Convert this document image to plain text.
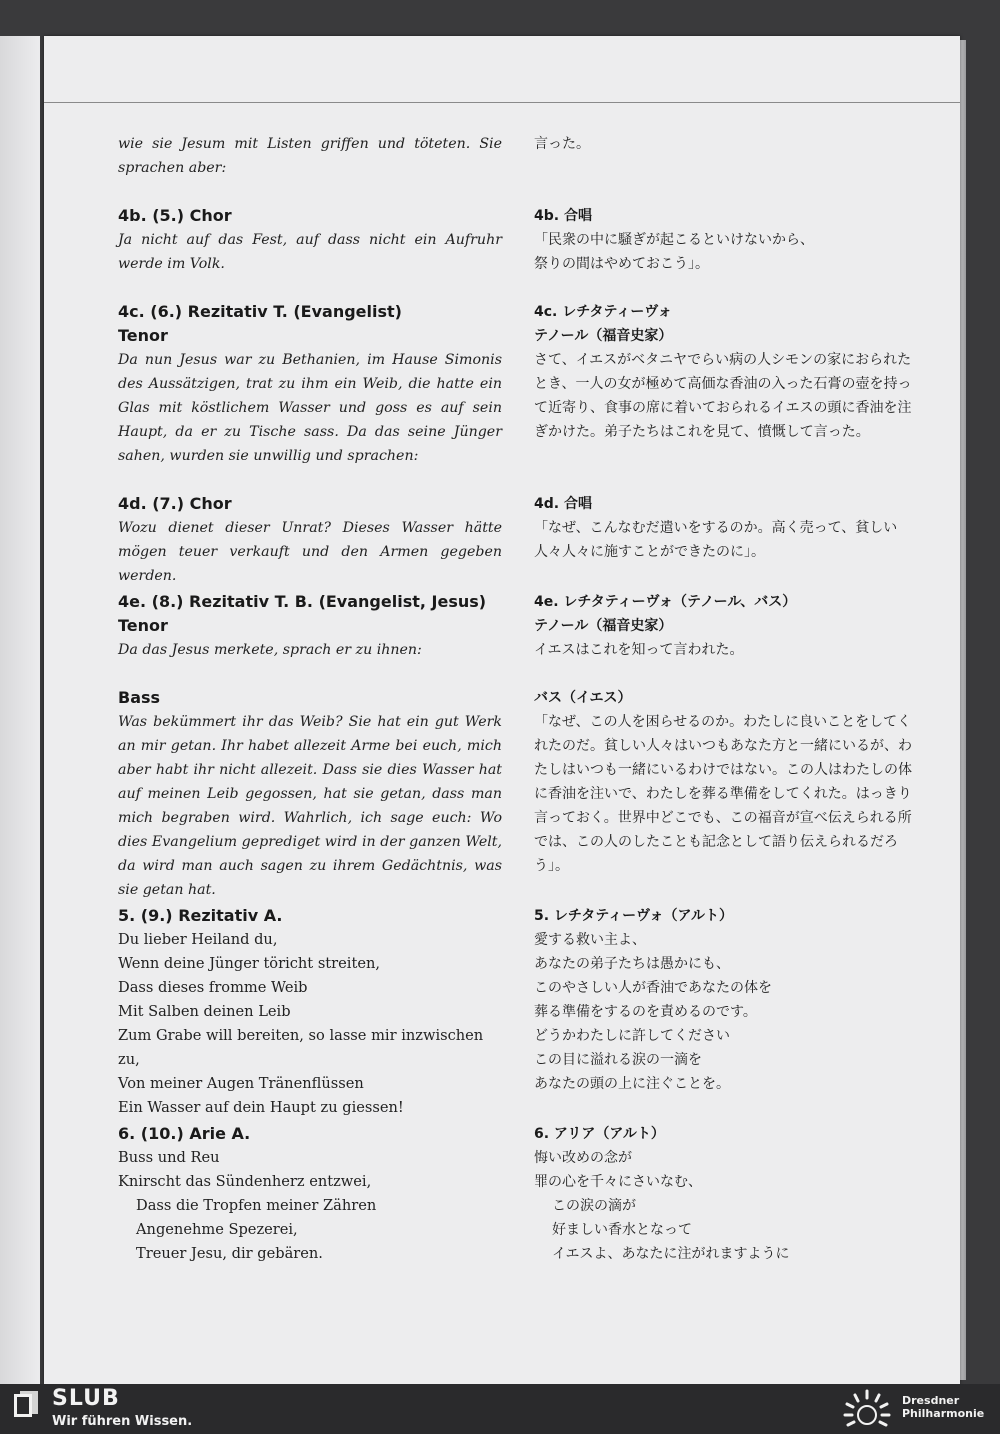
wie sie Jesum mit Listen griffen und töteten. Sie sprachen aber:
4b. (5.) Chor
Ja nicht auf das Fest, auf dass nicht ein Aufruhr werde im Volk.
4c. (6.) Rezitativ T. (Evangelist)
Tenor
Da nun Jesus war zu Bethanien, im Hause Simonis des Aussätzigen, trat zu ihm ein Weib, die hatte ein Glas mit köstlichem Wasser und goss es auf sein Haupt, da er zu Tische sass. Da das seine Jünger sahen, wurden sie unwillig und sprachen:
4d. (7.) Chor
Wozu dienet dieser Unrat? Dieses Wasser hätte mögen teuer verkauft und den Armen gegeben werden.
4e. (8.) Rezitativ T. B. (Evangelist, Jesus)
Tenor
Da das Jesus merkete, sprach er zu ihnen:
Bass
Was bekümmert ihr das Weib? Sie hat ein gut Werk an mir getan. Ihr habet allezeit Arme bei euch, mich aber habt ihr nicht allezeit. Dass sie dies Wasser hat auf meinen Leib gegossen, hat sie getan, dass man mich begraben wird. Wahrlich, ich sage euch: Wo dies Evangelium geprediget wird in der ganzen Welt, da wird man auch sagen zu ihrem Gedächtnis, was sie getan hat.
5. (9.) Rezitativ A.
Du lieber Heiland du,
Wenn deine Jünger töricht streiten,
Dass dieses fromme Weib
Mit Salben deinen Leib
Zum Grabe will bereiten, so lasse mir inzwischen zu,
Von meiner Augen Tränenflüssen
Ein Wasser auf dein Haupt zu giessen!
6. (10.) Arie A.
Buss und Reu
Knirscht das Sündenherz entzwei,
Dass die Tropfen meiner Zähren
Angenehme Spezerei,
Treuer Jesu, dir gebären.
言った。
4b. 合唱
「民衆の中に騒ぎが起こるといけないから、
祭りの間はやめておこう」。
4c. レチタティーヴォ
テノール（福音史家）
さて、イエスがベタニヤでらい病の人シモンの家におられたとき、一人の女が極めて高価な香油の入った石膏の壺を持って近寄り、食事の席に着いておられるイエスの頭に香油を注ぎかけた。弟子たちはこれを見て、憤慨して言った。
4d. 合唱
「なぜ、こんなむだ遣いをするのか。高く売って、貧しい人々人々に施すことができたのに」。
4e. レチタティーヴォ（テノール、バス）
テノール（福音史家）
イエスはこれを知って言われた。
バス（イエス）
「なぜ、この人を困らせるのか。わたしに良いことをしてくれたのだ。貧しい人々はいつもあなた方と一緒にいるが、わたしはいつも一緒にいるわけではない。この人はわたしの体に香油を注いで、わたしを葬る準備をしてくれた。はっきり言っておく。世界中どこでも、この福音が宣べ伝えられる所では、この人のしたことも記念として語り伝えられるだろう」。
5. レチタティーヴォ（アルト）
愛する救い主よ、
あなたの弟子たちは愚かにも、
このやさしい人が香油であなたの体を
葬る準備をするのを責めるのです。
どうかわたしに許してください
この目に溢れる涙の一滴を
あなたの頭の上に注ぐことを。
6. アリア（アルト）
悔い改めの念が
罪の心を千々にさいなむ、
この涙の滴が
好ましい香水となって
イエスよ、あなたに注がれますように
SLUB
Wir führen Wissen.
Dresdner
Philharmonie
